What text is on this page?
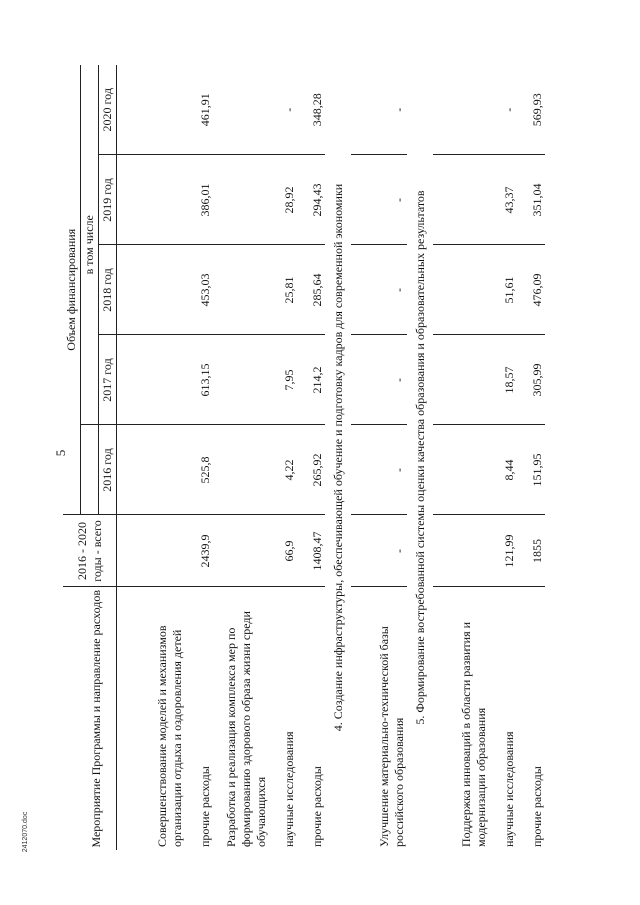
5
Мероприятие Программы и направление расходов	2016 - 2020 годы - всего	Объем финансирования				
			в том числе			
		2016 год	2017 год	2018 год	2019 год	2020 год
Совершенствование моделей и механизмов организации отдыха и оздоровления детей						
прочие расходы	2439,9	525,8	613,15	453,03	386,01	461,91
Разработка и реализация комплекса мер по формированию здорового образа жизни среди обучающихся						
научные исследования	66,9	4,22	7,95	25,81	28,92	-
прочие расходы	1408,47	265,92	214,2	285,64	294,43	348,28
4. Создание инфраструктуры, обеспечивающей обучение и подготовку кадров для современной экономики						
Улучшение материально-технической базы российского образования	-	-	-	-	-	-
5. Формирование востребованной системы оценки качества образования и образовательных результатов						
Поддержка инноваций в области развития и модернизации образования						
научные исследования	121,99	8,44	18,57	51,61	43,37	-
прочие расходы	1855	151,95	305,99	476,09	351,04	569,93
2412070.doc
